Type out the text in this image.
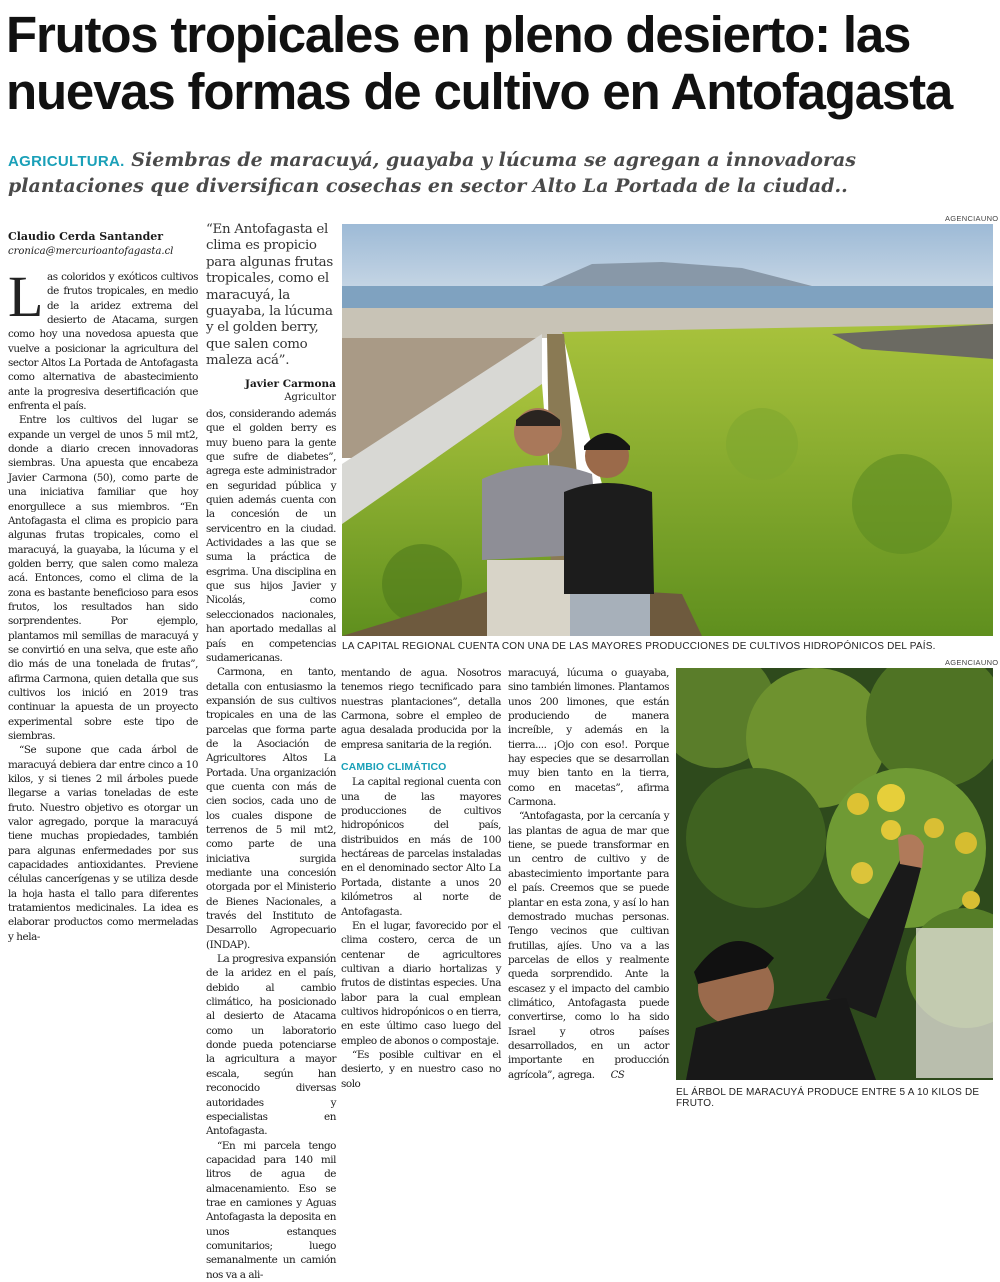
Frutos tropicales en pleno desierto: las nuevas formas de cultivo en Antofagasta
AGRICULTURA. Siembras de maracuyá, guayaba y lúcuma se agregan a innovadoras plantaciones que diversifican cosechas en sector Alto La Portada de la ciudad..
Claudio Cerda Santander
cronica@mercurioantofagasta.cl

Las coloridos y exóticos cultivos de frutos tropicales, en medio de la aridez extrema del desierto de Atacama, surgen como hoy una novedosa apuesta que vuelve a posicionar la agricultura del sector Altos La Portada de Antofagasta como alternativa de abastecimiento ante la progresiva desertificación que enfrenta el país.

Entre los cultivos del lugar se expande un vergel de unos 5 mil mt2, donde a diario crecen innovadoras siembras. Una apuesta que encabeza Javier Carmona (50), como parte de una iniciativa familiar que hoy enorgullece a sus miembros. “En Antofagasta el clima es propicio para algunas frutas tropicales, como el maracuyá, la guayaba, la lúcuma y el golden berry, que salen como maleza acá. Entonces, como el clima de la zona es bastante beneficioso para esos frutos, los resultados han sido sorprendentes. Por ejemplo, plantamos mil semillas de maracuyá y se convirtió en una selva, que este año dio más de una tonelada de frutas”, afirma Carmona, quien detalla que sus cultivos los inició en 2019 tras continuar la apuesta de un proyecto experimental sobre este tipo de siembras.

“Se supone que cada árbol de maracuyá debiera dar entre cinco a 10 kilos, y si tienes 2 mil árboles puede llegarse a varias toneladas de este fruto. Nuestro objetivo es otorgar un valor agregado, porque la maracuyá tiene muchas propiedades, también para algunas enfermedades por sus capacidades antioxidantes. Previene células cancerígenas y se utiliza desde la hoja hasta el tallo para diferentes tratamientos medicinales. La idea es elaborar productos como mermeladas y hela-

“En Antofagasta el clima es propicio para algunas frutas tropicales, como el maracuyá, la guayaba, la lúcuma y el golden berry, que salen como maleza acá”.

Javier Carmona
Agricultor

dos, considerando además que el golden berry es muy bueno para la gente que sufre de diabetes”, agrega este administrador en seguridad pública y quien además cuenta con la concesión de un servicentro en la ciudad. Actividades a las que se suma la práctica de esgrima. Una disciplina en que sus hijos Javier y Nicolás, como seleccionados nacionales, han aportado medallas al país en competencias sudamericanas.

Carmona, en tanto, detalla con entusiasmo la expansión de sus cultivos tropicales en una de las parcelas que forma parte de la Asociación de Agricultores Altos La Portada. Una organización que cuenta con más de cien socios, cada uno de los cuales dispone de terrenos de 5 mil mt2, como parte de una iniciativa surgida mediante una concesión otorgada por el Ministerio de Bienes Nacionales, a través del Instituto de Desarrollo Agropecuario (INDAP).

La progresiva expansión de la aridez en el país, debido al cambio climático, ha posicionado al desierto de Atacama como un laboratorio donde pueda potenciarse la agricultura a mayor escala, según han reconocido diversas autoridades y especialistas en Antofagasta.

“En mi parcela tengo capacidad para 140 mil litros de agua de almacenamiento. Eso se trae en camiones y Aguas Antofagasta la deposita en unos estanques comunitarios; luego semanalmente un camión nos va a ali-

AGENCIAUNO
LA CAPITAL REGIONAL CUENTA CON UNA DE LAS MAYORES PRODUCCIONES DE CULTIVOS HIDROPÓNICOS DEL PAÍS.

mentando de agua. Nosotros tenemos riego tecnificado para nuestras plantaciones”, detalla Carmona, sobre el empleo de agua desalada producida por la empresa sanitaria de la región.

CAMBIO CLIMÁTICO

La capital regional cuenta con una de las mayores producciones de cultivos hidropónicos del país, distribuidos en más de 100 hectáreas de parcelas instaladas en el denominado sector Alto La Portada, distante a unos 20 kilómetros al norte de Antofagasta.

En el lugar, favorecido por el clima costero, cerca de un centenar de agricultores cultivan a diario hortalizas y frutos de distintas especies. Una labor para la cual emplean cultivos hidropónicos o en tierra, en este último caso luego del empleo de abonos o compostaje.

“Es posible cultivar en el desierto, y en nuestro caso no solo

maracuyá, lúcuma o guayaba, sino también limones. Plantamos unos 200 limones, que están produciendo de manera increíble, y además en la tierra.... ¡Ojo con eso!. Porque hay especies que se desarrollan muy bien tanto en la tierra, como en macetas”, afirma Carmona.

“Antofagasta, por la cercanía y las plantas de agua de mar que tiene, se puede transformar en un centro de cultivo y de abastecimiento importante para el país. Creemos que se puede plantar en esta zona, y así lo han demostrado muchas personas. Tengo vecinos que cultivan frutillas, ajíes. Uno va a las parcelas de ellos y realmente queda sorprendido. Ante la escasez y el impacto del cambio climático, Antofagasta puede convertirse, como lo ha sido Israel y otros países desarrollados, en un actor importante en producción agrícola”, agrega. CS

AGENCIAUNO
EL ÁRBOL DE MARACUYÁ PRODUCE ENTRE 5 A 10 KILOS DE FRUTO.
